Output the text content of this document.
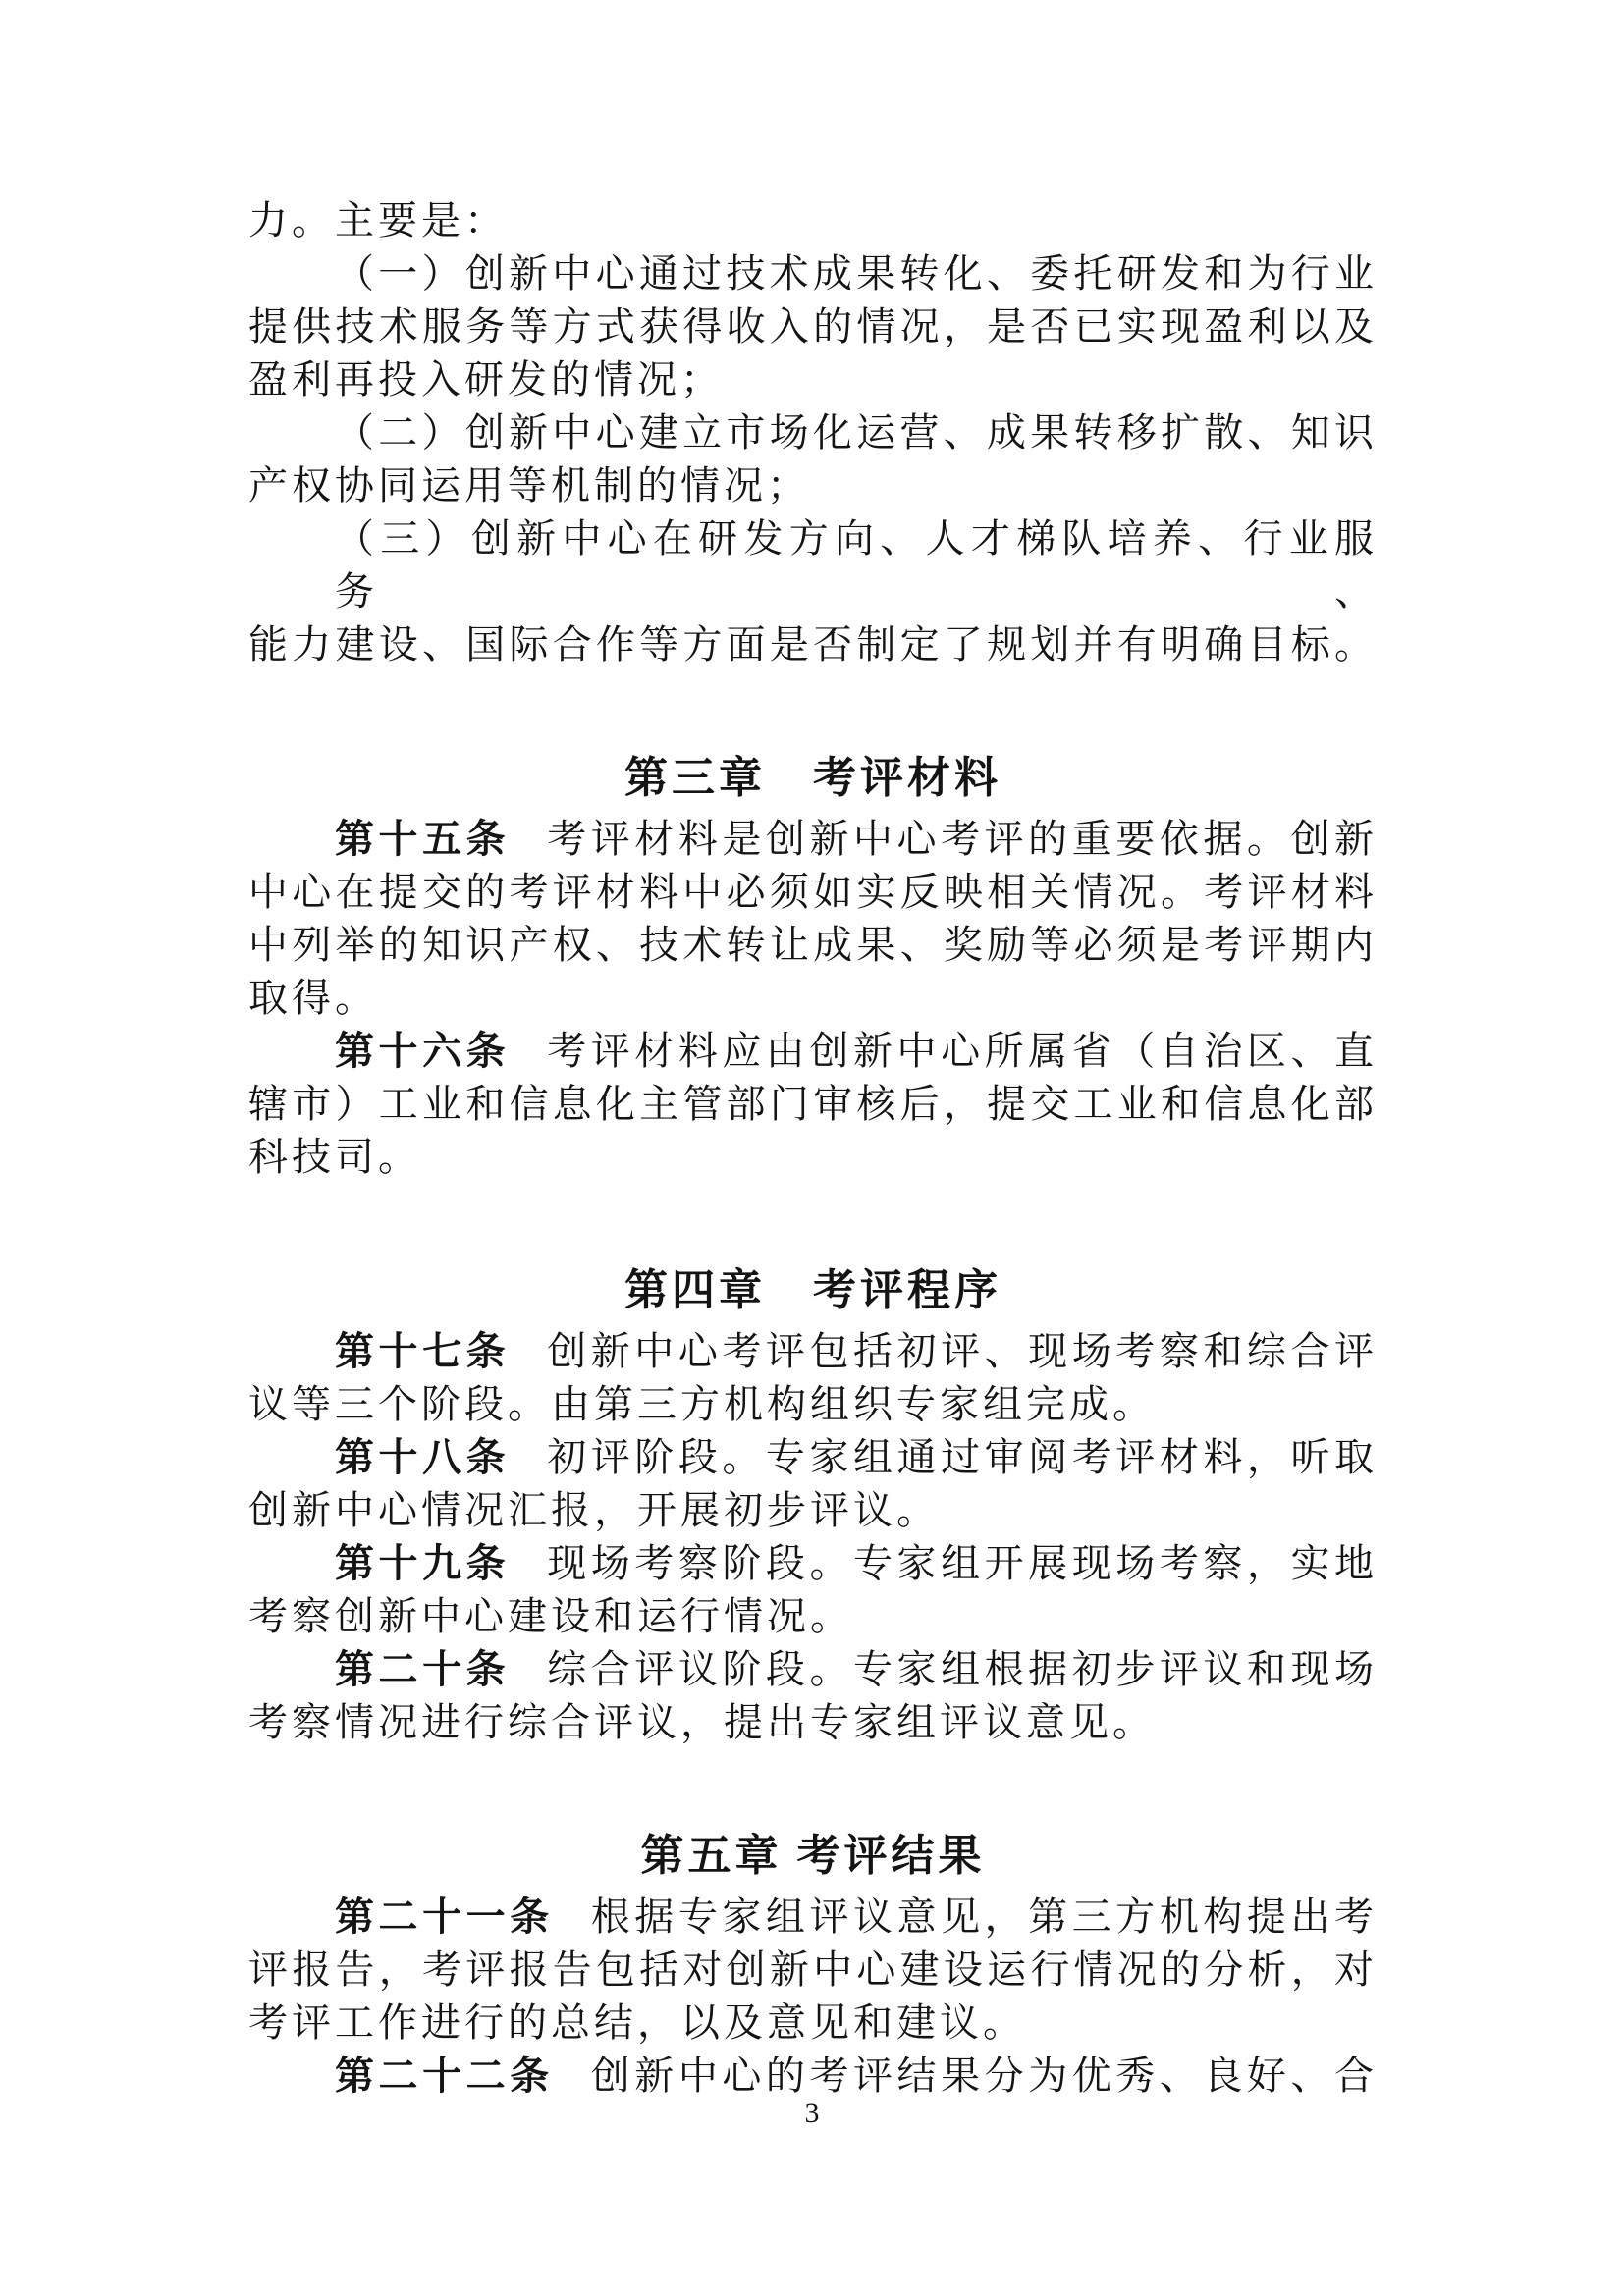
力。主要是：

（一）创新中心通过技术成果转化、委托研发和为行业

提供技术服务等方式获得收入的情况，是否已实现盈利以及

盈利再投入研发的情况；

（二）创新中心建立市场化运营、成果转移扩散、知识

产权协同运用等机制的情况；

（三）创新中心在研发方向、人才梯队培养、行业服务、

能力建设、国际合作等方面是否制定了规划并有明确目标。

第三章　考评材料

第十五条 考评材料是创新中心考评的重要依据。创新

中心在提交的考评材料中必须如实反映相关情况。考评材料

中列举的知识产权、技术转让成果、奖励等必须是考评期内

取得。

第十六条 考评材料应由创新中心所属省（自治区、直

辖市）工业和信息化主管部门审核后，提交工业和信息化部

科技司。

第四章　考评程序

第十七条 创新中心考评包括初评、现场考察和综合评

议等三个阶段。由第三方机构组织专家组完成。

第十八条 初评阶段。专家组通过审阅考评材料，听取

创新中心情况汇报，开展初步评议。

第十九条 现场考察阶段。专家组开展现场考察，实地

考察创新中心建设和运行情况。

第二十条 综合评议阶段。专家组根据初步评议和现场

考察情况进行综合评议，提出专家组评议意见。

第五章 考评结果

第二十一条 根据专家组评议意见，第三方机构提出考

评报告，考评报告包括对创新中心建设运行情况的分析，对

考评工作进行的总结，以及意见和建议。

第二十二条 创新中心的考评结果分为优秀、良好、合

3
